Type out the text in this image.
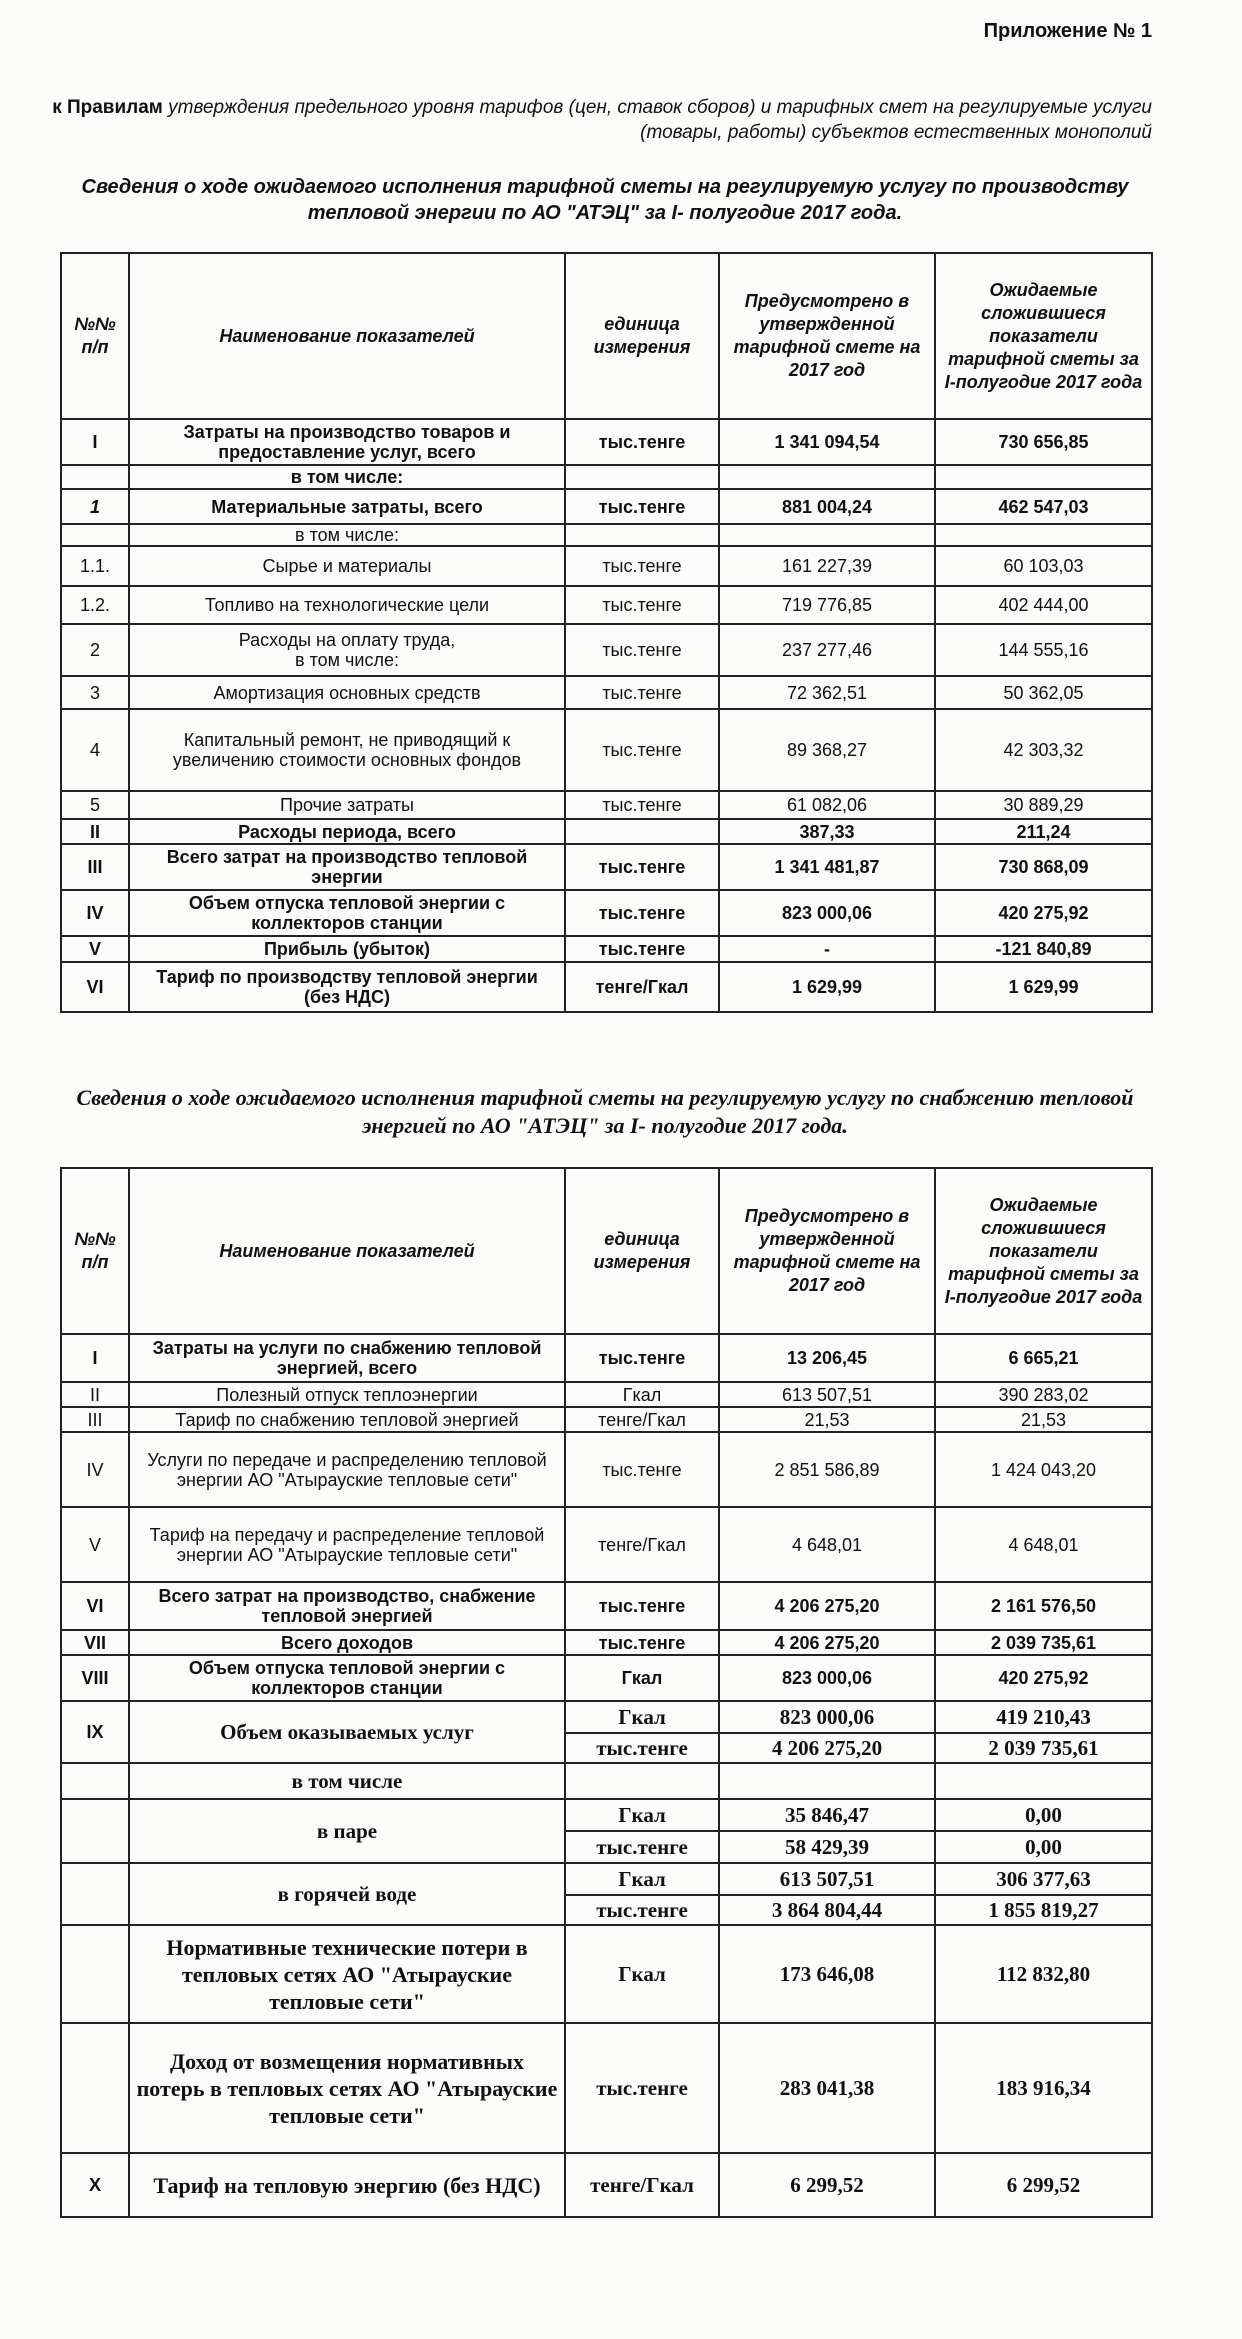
Приложение № 1
к Правилам утверждения предельного уровня тарифов (цен, ставок сборов) и тарифных смет на регулируемые услуги (товары, работы) субъектов естественных монополий
Сведения о ходе ожидаемого исполнения тарифной сметы на регулируемую услугу по производству тепловой энергии по АО "АТЭЦ" за I- полугодие 2017 года.
№№ п/п	Наименование показателей	единица измерения	Предусмотрено в утвержденной тарифной смете на 2017 год	Ожидаемые сложившиеся показатели тарифной сметы за I-полугодие 2017 года
I	Затраты на производство товаров и предоставление услуг, всего	тыс.тенге	1 341 094,54	730 656,85
	в том числе:			
1	Материальные затраты, всего	тыс.тенге	881 004,24	462 547,03
	в том числе:			
1.1.	Сырье и материалы	тыс.тенге	161 227,39	60 103,03
1.2.	Топливо на технологические цели	тыс.тенге	719 776,85	402 444,00
2	Расходы на оплату труда,
в том числе:	тыс.тенге	237 277,46	144 555,16
3	Амортизация основных средств	тыс.тенге	72 362,51	50 362,05
4	Капитальный ремонт, не приводящий к увеличению стоимости основных фондов	тыс.тенге	89 368,27	42 303,32
5	Прочие затраты	тыс.тенге	61 082,06	30 889,29
II	Расходы периода, всего		387,33	211,24
III	Всего затрат на производство тепловой энергии	тыс.тенге	1 341 481,87	730 868,09
IV	Объем отпуска тепловой энергии с коллекторов станции	тыс.тенге	823 000,06	420 275,92
V	Прибыль (убыток)	тыс.тенге	-	-121 840,89
VI	Тариф по производству тепловой энергии (без НДС)	тенге/Гкал	1 629,99	1 629,99
Сведения о ходе ожидаемого исполнения тарифной сметы на регулируемую услугу по снабжению тепловой энергией по АО "АТЭЦ" за I- полугодие 2017 года.
№№ п/п	Наименование показателей	единица измерения	Предусмотрено в утвержденной тарифной смете на 2017 год	Ожидаемые сложившиеся показатели тарифной сметы за I-полугодие 2017 года
I	Затраты на услуги по снабжению тепловой энергией, всего	тыс.тенге	13 206,45	6 665,21
II	Полезный отпуск теплоэнергии	Гкал	613 507,51	390 283,02
III	Тариф по снабжению тепловой энергией	тенге/Гкал	21,53	21,53
IV	Услуги по передаче и распределению тепловой энергии АО "Атырауские тепловые сети"	тыс.тенге	2 851 586,89	1 424 043,20
V	Тариф на передачу и распределение тепловой энергии АО "Атырауские тепловые сети"	тенге/Гкал	4 648,01	4 648,01
VI	Всего затрат на производство, снабжение тепловой энергией	тыс.тенге	4 206 275,20	2 161 576,50
VII	Всего доходов	тыс.тенге	4 206 275,20	2 039 735,61
VIII	Объем отпуска тепловой энергии с коллекторов станции	Гкал	823 000,06	420 275,92
IX	Объем оказываемых услуг	Гкал	823 000,06	419 210,43
		тыс.тенге	4 206 275,20	2 039 735,61
	в том числе			
	в паре	Гкал	35 846,47	0,00
		тыс.тенге	58 429,39	0,00
	в горячей воде	Гкал	613 507,51	306 377,63
		тыс.тенге	3 864 804,44	1 855 819,27
	Нормативные технические потери в тепловых сетях АО "Атырауские тепловые сети"	Гкал	173 646,08	112 832,80
	Доход от возмещения нормативных потерь в тепловых сетях АО "Атырауские тепловые сети"	тыс.тенге	283 041,38	183 916,34
X	Тариф на тепловую энергию (без НДС)	тенге/Гкал	6 299,52	6 299,52
